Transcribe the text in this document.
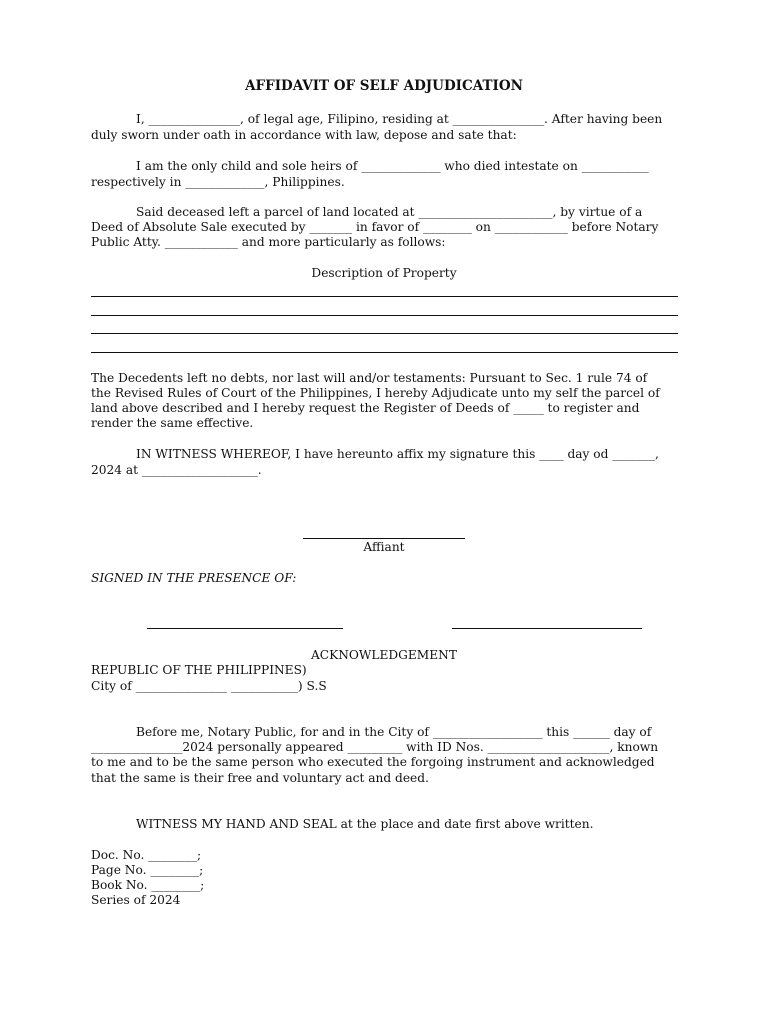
AFFIDAVIT OF SELF ADJUDICATION
I, _______________, of legal age, Filipino, residing at _______________. After having been
duly sworn under oath in accordance with law, depose and sate that:
I am the only child and sole heirs of _____________ who died intestate on ___________
respectively in _____________, Philippines.
Said deceased left a parcel of land located at ______________________, by virtue of a
Deed of Absolute Sale executed by _______ in favor of ________ on ____________ before Notary
Public Atty. ____________ and more particularly as follows:
Description of Property
The Decedents left no debts, nor last will and/or testaments: Pursuant to Sec. 1 rule 74 of
the Revised Rules of Court of the Philippines, I hereby Adjudicate unto my self the parcel of
land above described and I hereby request the Register of Deeds of _____ to register and
render the same effective.
IN WITNESS WHEREOF, I have hereunto affix my signature this ____ day od _______,
2024 at ___________________.
Affiant
SIGNED IN THE PRESENCE OF:
ACKNOWLEDGEMENT
REPUBLIC OF THE PHILIPPINES)
City of _______________ ___________) S.S
Before me, Notary Public, for and in the City of __________________ this ______ day of
_______________2024 personally appeared _________ with ID Nos. ____________________, known
to me and to be the same person who executed the forgoing instrument and acknowledged
that the same is their free and voluntary act and deed.
WITNESS MY HAND AND SEAL at the place and date first above written.
Doc. No. ________;
Page No. ________;
Book No. ________;
Series of 2024
